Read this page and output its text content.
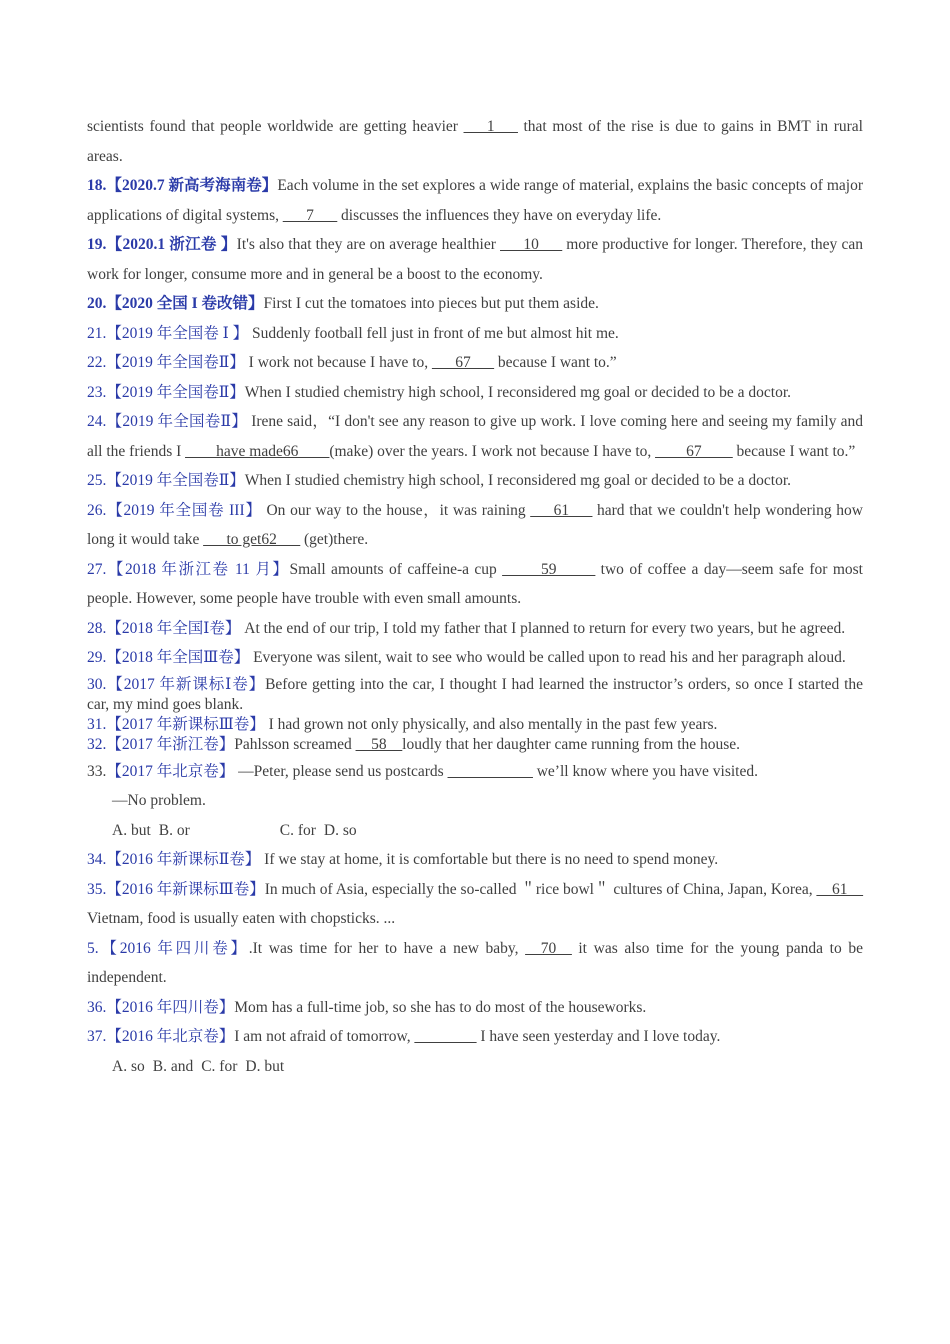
scientists found that people worldwide are getting heavier ___1___ that most of the rise is due to gains in BMT in rural areas.

18.【2020.7 新高考海南卷】Each volume in the set explores a wide range of material, explains the basic concepts of major applications of digital systems, ___7___ discusses the influences they have on everyday life.

19.【2020.1 浙江卷 】It's also that they are on average healthier ___10___ more productive for longer. Therefore, they can work for longer, consume more and in general be a boost to the economy.

20.【2020 全国 I 卷改错】First I cut the tomatoes into pieces but put them aside.

21.【2019 年全国卷 Ⅰ 】 Suddenly football fell just in front of me but almost hit me.

22.【2019 年全国卷Ⅱ】 I work not because I have to, ___67___ because I want to.”

23.【2019 年全国卷Ⅱ】When I studied chemistry high school, I reconsidered mg goal or decided to be a doctor.

24.【2019 年全国卷Ⅱ】 Irene said，“I don't see any reason to give up work. I love coming here and seeing my family and all the friends I ____have made66____(make) over the years. I work not because I have to, ____67____ because I want to.”

25.【2019 年全国卷Ⅱ】When I studied chemistry high school, I reconsidered mg goal or decided to be a doctor.

26.【2019 年全国卷 III】 On our way to the house，it was raining ___61___ hard that we couldn't help wondering how long it would take ___to get62___ (get)there.

27.【2018 年浙江卷 11 月】Small amounts of caffeine-a cup _____59_____ two of coffee a day—seem safe for most people. However, some people have trouble with even small amounts.

28.【2018 年全国Ⅰ卷】 At the end of our trip, I told my father that I planned to return for every two years, but he agreed.

29.【2018 年全国Ⅲ卷】 Everyone was silent, wait to see who would be called upon to read his and her paragraph aloud.

30.【2017 年新课标Ⅰ卷】Before getting into the car, I thought I had learned the instructor’s orders, so once I started the car, my mind goes blank.

31.【2017 年新课标Ⅲ卷】 I had grown not only physically, and also mentally in the past few years.

32.【2017 年浙江卷】Pahlsson screamed __58__loudly that her daughter came running from the house.

33.【2017 年北京卷】 —Peter, please send us postcards ___________ we’ll know where you have visited.

—No problem.

A. but B. or	C. for D. so

34.【2016 年新课标Ⅱ卷】 If we stay at home, it is comfortable but there is no need to spend money.

35.【2016 年新课标Ⅲ卷】In much of Asia, especially the so-called ＂rice bowl＂ cultures of China, Japan, Korea, __61__ Vietnam, food is usually eaten with chopsticks. ...

5.【2016 年四川卷】.It was time for her to have a new baby, __70__ it was also time for the young panda to be independent.

36.【2016 年四川卷】Mom has a full-time job, so she has to do most of the houseworks.

37.【2016 年北京卷】I am not afraid of tomorrow, ________ I have seen yesterday and I love today.

A. so B. and C. for D. but
